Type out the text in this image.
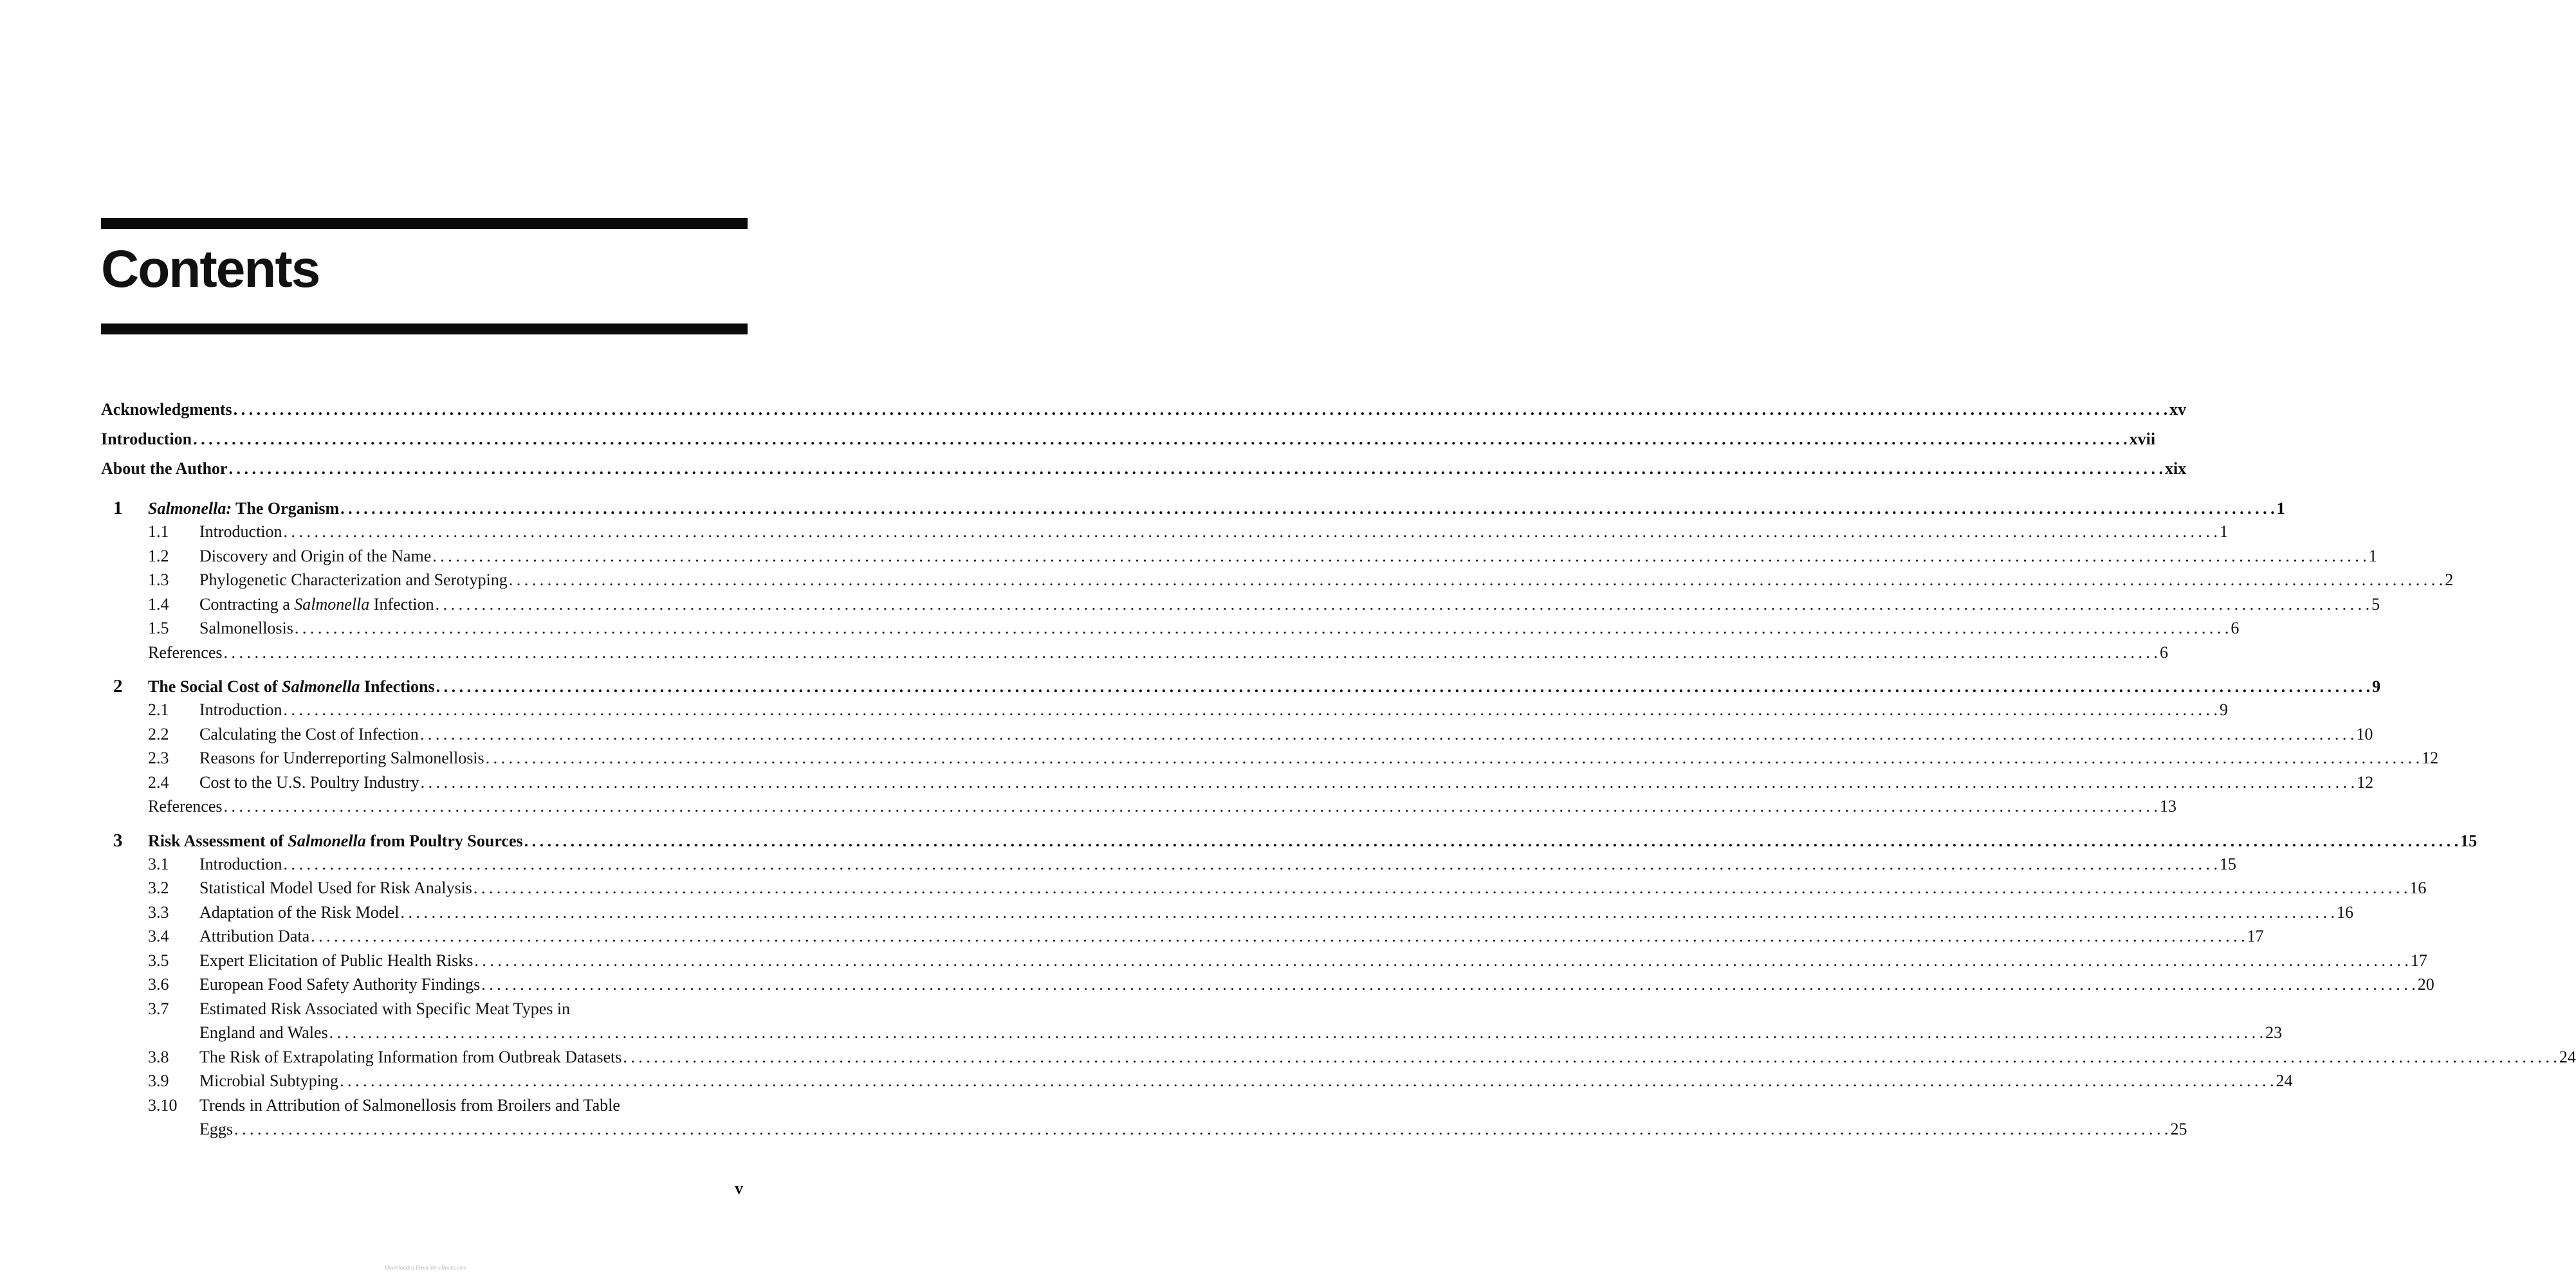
Contents
Acknowledgments . . .	xv
Introduction . . .	xvii
About the Author . . .	xix
1	Salmonella: The Organism . . .	1
1.1	Introduction . . .	1
1.2	Discovery and Origin of the Name . . .	1
1.3	Phylogenetic Characterization and Serotyping . . .	2
1.4	Contracting a Salmonella Infection . . .	5
1.5	Salmonellosis . . .	6
References . . .	6
2	The Social Cost of Salmonella Infections . . .	9
2.1	Introduction . . .	9
2.2	Calculating the Cost of Infection . . .	10
2.3	Reasons for Underreporting Salmonellosis . . .	12
2.4	Cost to the U.S. Poultry Industry . . .	12
References . . .	13
3	Risk Assessment of Salmonella from Poultry Sources . . .	15
3.1	Introduction . . .	15
3.2	Statistical Model Used for Risk Analysis . . .	16
3.3	Adaptation of the Risk Model . . .	16
3.4	Attribution Data . . .	17
3.5	Expert Elicitation of Public Health Risks . . .	17
3.6	European Food Safety Authority Findings . . .	20
3.7	Estimated Risk Associated with Specific Meat Types in
England and Wales . . .	23
3.8	The Risk of Extrapolating Information from Outbreak Datasets . . .	24
3.9	Microbial Subtyping . . .	24
3.10	Trends in Attribution of Salmonellosis from Broilers and Table
Eggs . . .	25
v
Downloaded From Vet-eBooks.com
